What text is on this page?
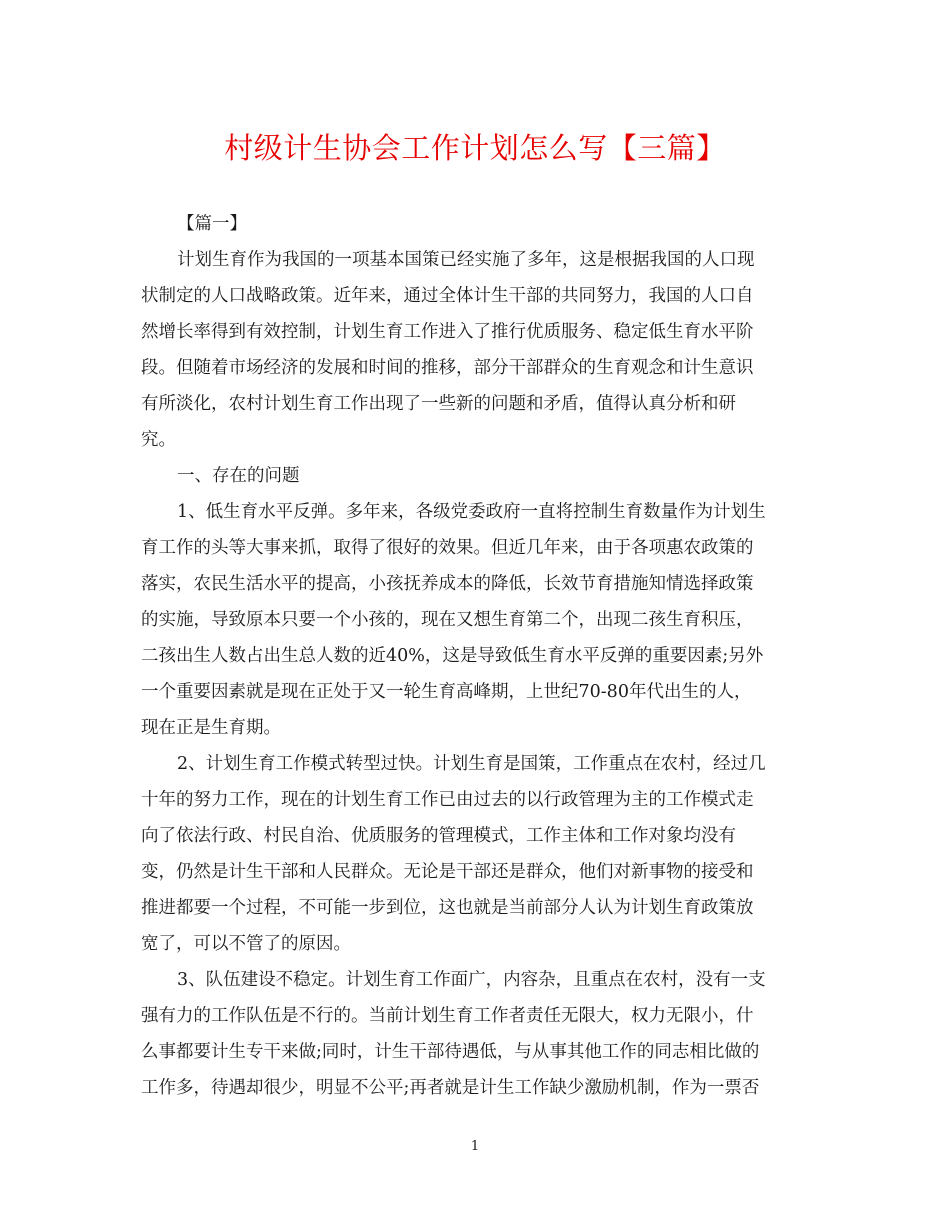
村级计生协会工作计划怎么写【三篇】

【篇一】

计划生育作为我国的一项基本国策已经实施了多年，这是根据我国的人口现
状制定的人口战略政策。近年来，通过全体计生干部的共同努力，我国的人口自
然增长率得到有效控制，计划生育工作进入了推行优质服务、稳定低生育水平阶
段。但随着市场经济的发展和时间的推移，部分干部群众的生育观念和计生意识
有所淡化，农村计划生育工作出现了一些新的问题和矛盾，值得认真分析和研
究。

一、存在的问题

1、低生育水平反弹。多年来，各级党委政府一直将控制生育数量作为计划生
育工作的头等大事来抓，取得了很好的效果。但近几年来，由于各项惠农政策的
落实，农民生活水平的提高，小孩抚养成本的降低，长效节育措施知情选择政策
的实施，导致原本只要一个小孩的，现在又想生育第二个，出现二孩生育积压，
二孩出生人数占出生总人数的近40%，这是导致低生育水平反弹的重要因素;另外
一个重要因素就是现在正处于又一轮生育高峰期，上世纪70-80年代出生的人，
现在正是生育期。

2、计划生育工作模式转型过快。计划生育是国策，工作重点在农村，经过几
十年的努力工作，现在的计划生育工作已由过去的以行政管理为主的工作模式走
向了依法行政、村民自治、优质服务的管理模式，工作主体和工作对象均没有
变，仍然是计生干部和人民群众。无论是干部还是群众，他们对新事物的接受和
推进都要一个过程，不可能一步到位，这也就是当前部分人认为计划生育政策放
宽了，可以不管了的原因。

3、队伍建设不稳定。计划生育工作面广，内容杂，且重点在农村，没有一支
强有力的工作队伍是不行的。当前计划生育工作者责任无限大，权力无限小，什
么事都要计生专干来做;同时，计生干部待遇低，与从事其他工作的同志相比做的
工作多，待遇却很少，明显不公平;再者就是计生工作缺少激励机制，作为一票否

1
